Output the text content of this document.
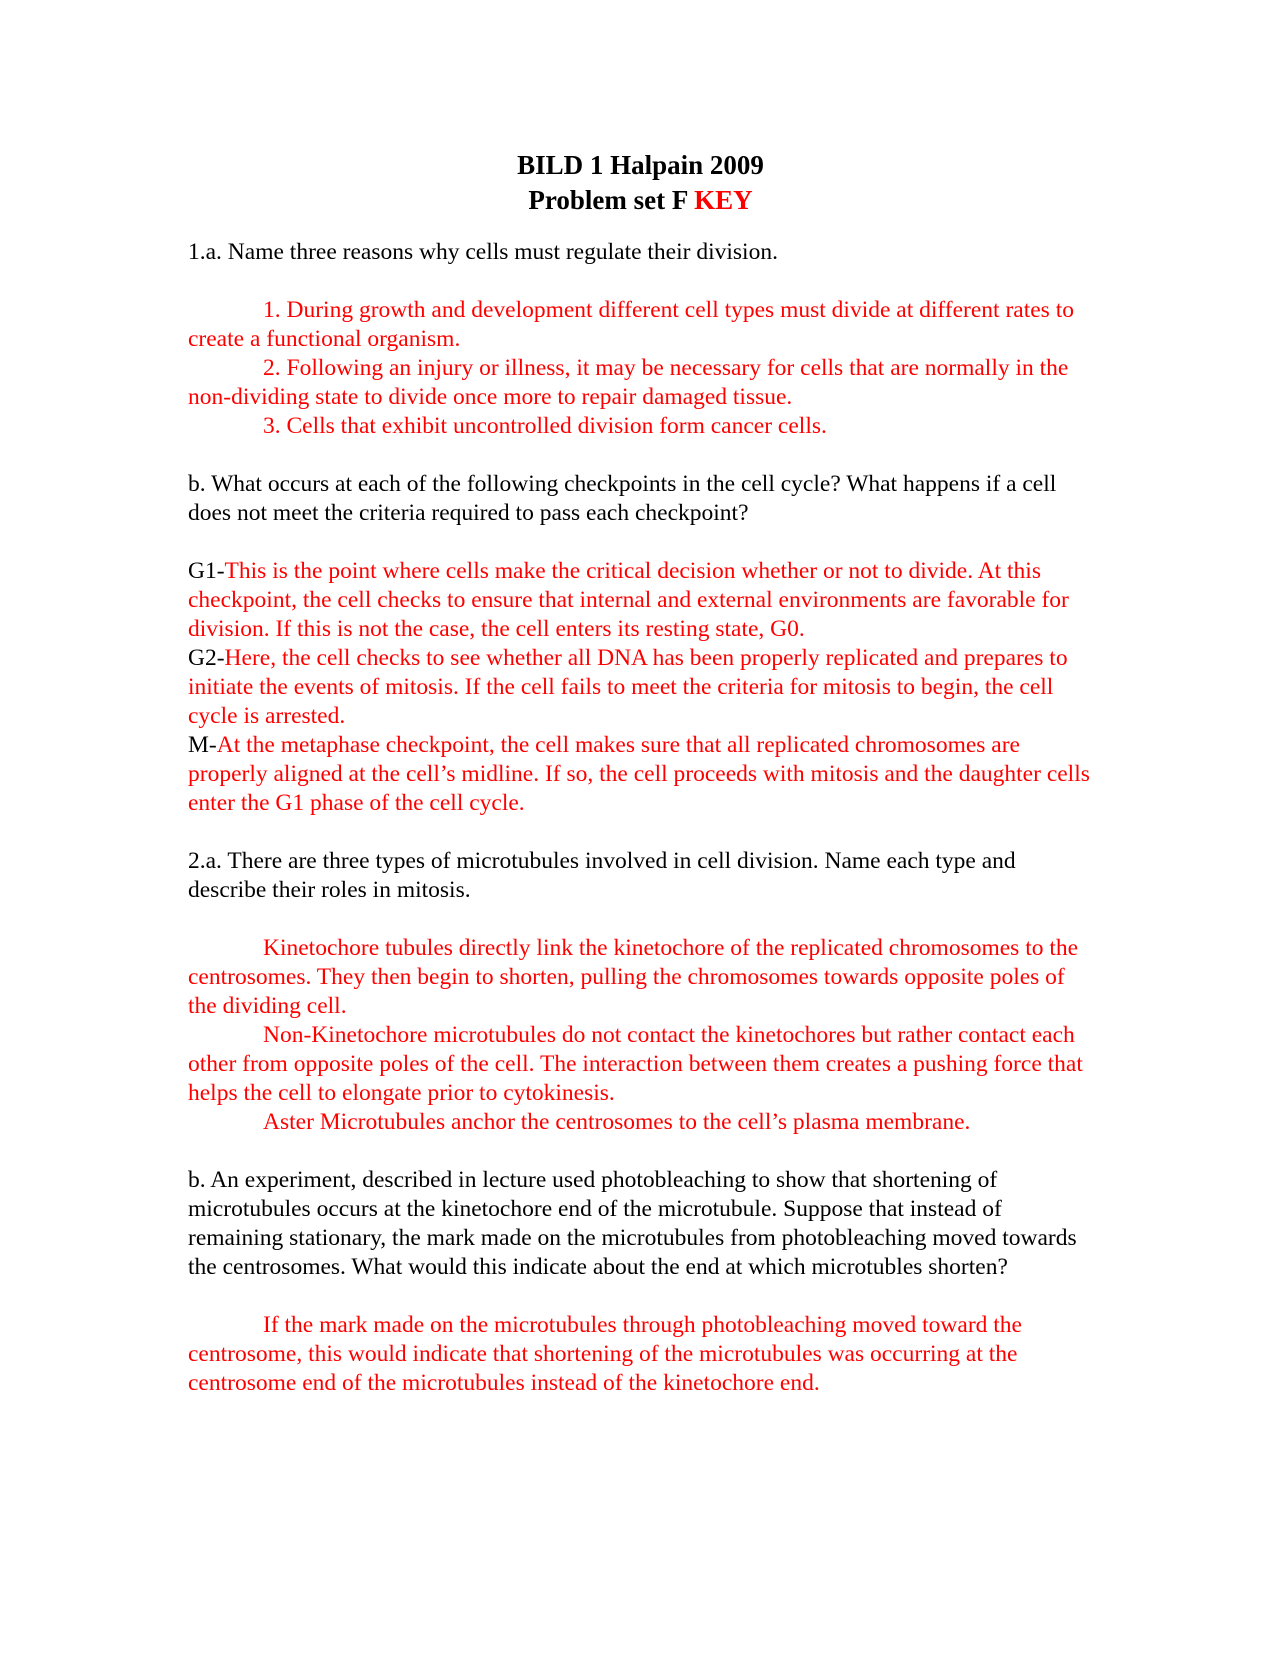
BILD 1 Halpain 2009
Problem set F KEY

1.a. Name three reasons why cells must regulate their division.

1. During growth and development different cell types must divide at different rates to create a functional organism.

2. Following an injury or illness, it may be necessary for cells that are normally in the non-dividing state to divide once more to repair damaged tissue.

3. Cells that exhibit uncontrolled division form cancer cells.

b. What occurs at each of the following checkpoints in the cell cycle? What happens if a cell does not meet the criteria required to pass each checkpoint?

G1-This is the point where cells make the critical decision whether or not to divide. At this checkpoint, the cell checks to ensure that internal and external environments are favorable for division. If this is not the case, the cell enters its resting state, G0.

G2-Here, the cell checks to see whether all DNA has been properly replicated and prepares to initiate the events of mitosis. If the cell fails to meet the criteria for mitosis to begin, the cell cycle is arrested.

M-At the metaphase checkpoint, the cell makes sure that all replicated chromosomes are properly aligned at the cell’s midline. If so, the cell proceeds with mitosis and the daughter cells enter the G1 phase of the cell cycle.

2.a. There are three types of microtubules involved in cell division. Name each type and describe their roles in mitosis.

Kinetochore tubules directly link the kinetochore of the replicated chromosomes to the centrosomes. They then begin to shorten, pulling the chromosomes towards opposite poles of the dividing cell.

Non-Kinetochore microtubules do not contact the kinetochores but rather contact each other from opposite poles of the cell. The interaction between them creates a pushing force that helps the cell to elongate prior to cytokinesis.

Aster Microtubules anchor the centrosomes to the cell’s plasma membrane.

b. An experiment, described in lecture used photobleaching to show that shortening of microtubules occurs at the kinetochore end of the microtubule. Suppose that instead of remaining stationary, the mark made on the microtubules from photobleaching moved towards the centrosomes. What would this indicate about the end at which microtubles shorten?

If the mark made on the microtubules through photobleaching moved toward the centrosome, this would indicate that shortening of the microtubules was occurring at the centrosome end of the microtubules instead of the kinetochore end.
